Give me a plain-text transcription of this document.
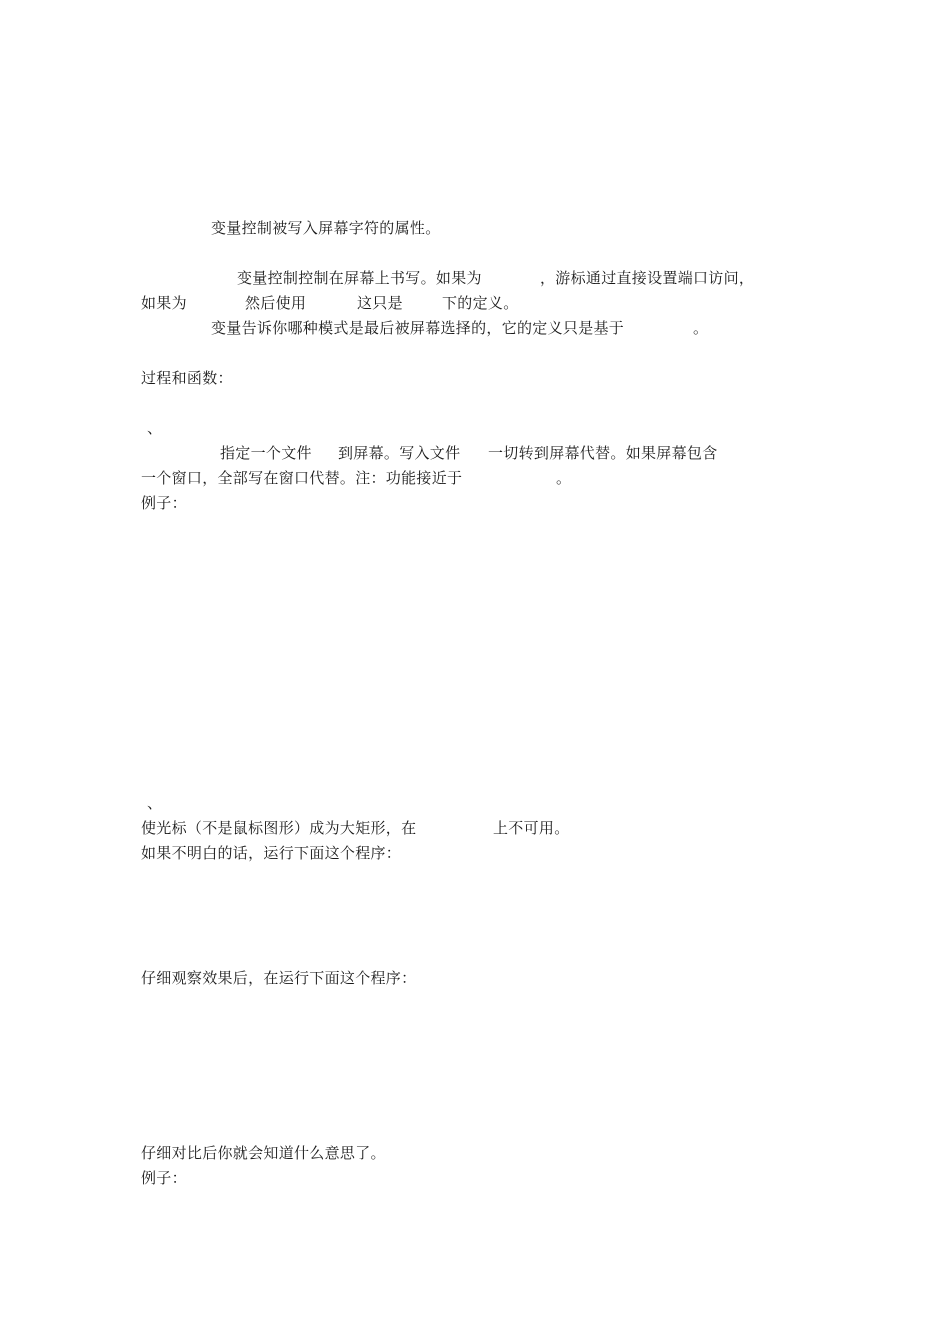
变量控制被写入屏幕字符的属性。
变量控制控制在屏幕上书写。如果为	，游标通过直接设置端口访问，
如果为	然后使用	这只是	下的定义。
变量告诉你哪种模式是最后被屏幕选择的，它的定义只是基于	。
过程和函数：
、
指定一个文件 到屏幕。写入文件 一切转到屏幕代替。如果屏幕包含
一个窗口，全部写在窗口代替。注：功能接近于	。
例子：
、
使光标（不是鼠标图形）成为大矩形，在	上不可用。
如果不明白的话，运行下面这个程序：
仔细观察效果后，在运行下面这个程序：
仔细对比后你就会知道什么意思了。
例子：
